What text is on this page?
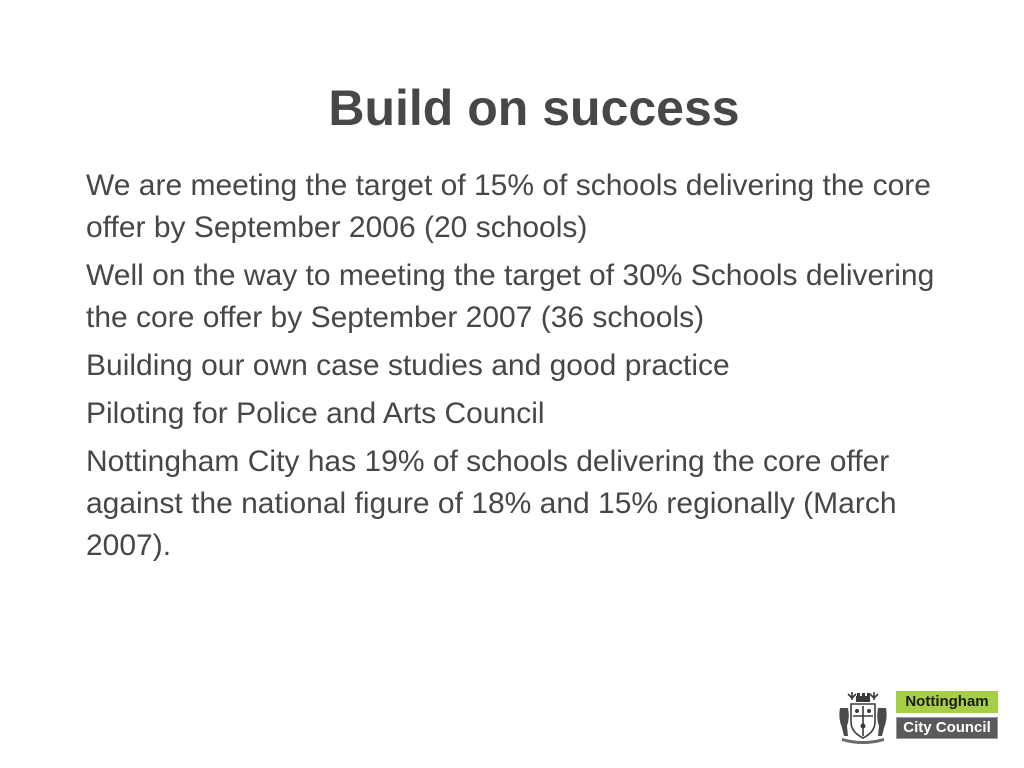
Build on success
We are meeting the target of 15% of schools delivering the core offer by September 2006 (20 schools)
Well on the way to meeting the target of 30% Schools delivering the core offer by September 2007 (36 schools)
Building our own case studies and good practice
Piloting for Police and Arts Council
Nottingham City has 19% of schools delivering the core offer against the national figure of 18% and 15% regionally (March 2007).
Nottingham
City Council
